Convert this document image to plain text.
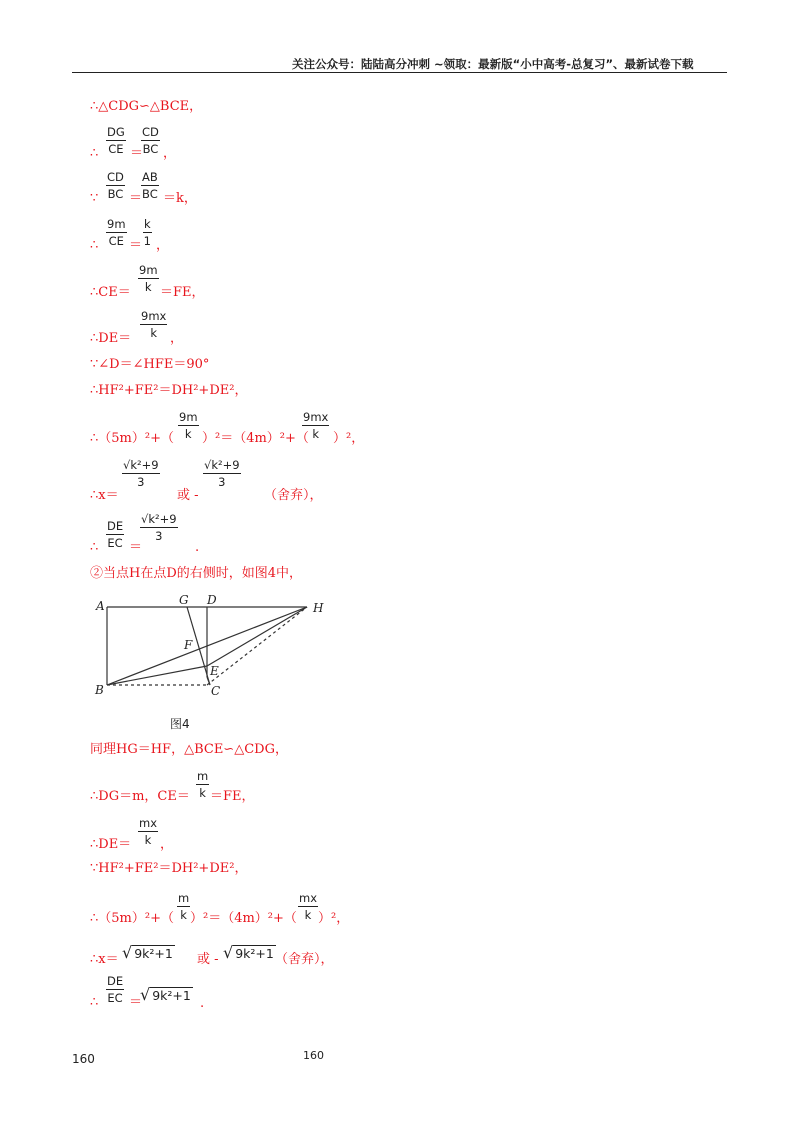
关注公众号：陆陆高分冲刺 ~领取：最新版“小中高考-总复习”、最新试卷下载
∴△CDG∽△BCE，
$\frac{DG}{CE}$
∴ ＝
$\frac{CD}{BC}$ ，
$\frac{CD}{BC}$
∵ ＝
$\frac{AB}{BC} =k$，
$\frac{9m}{CE}$
∴ ＝ $\frac{k}{1}$ ，
∴CE＝ $\frac{9m}{k} =FE$，
∴DE＝ $\frac{9mx}{k}$ ，
∵∠D＝∠HFE＝90°
∴HF²+FE²＝DH²+DE²，
∴（5m）²+（ $\frac{9m}{k} )^2=(4m)^2+$（
$\frac{9mx}{k} )^2$，
∴x＝
$\frac{\text{√k²+9}}{3}$
或 -
$\frac{\text{√k²+9}}{3}$
（舍弃），
$\frac{DE}{EC}$
∴ ＝
$\frac{\text{√k²+9}}{3}$
.
②当点H在点D的右侧时，如图4中，
A
B	C
D
E
F
G
H
图4
同理HG＝HF，△BCE∽△CDG，
∴DG＝m，$CE= \frac{m}{k} =FE$，
∴DE＝ $\frac{mx}{k}$ ，
∵HF²+FE²＝DH²+DE²，
∴（5m）²+（ $\frac{m}{k} )^2=(4m)^2+( \frac{mx}{k} )^2$，
∴x＝ √ 9k²+1 或 - √ 9k²+1 （舍弃），
$\frac{DE}{EC}$
∴ ＝
√ 9k²+1
.
160	160
